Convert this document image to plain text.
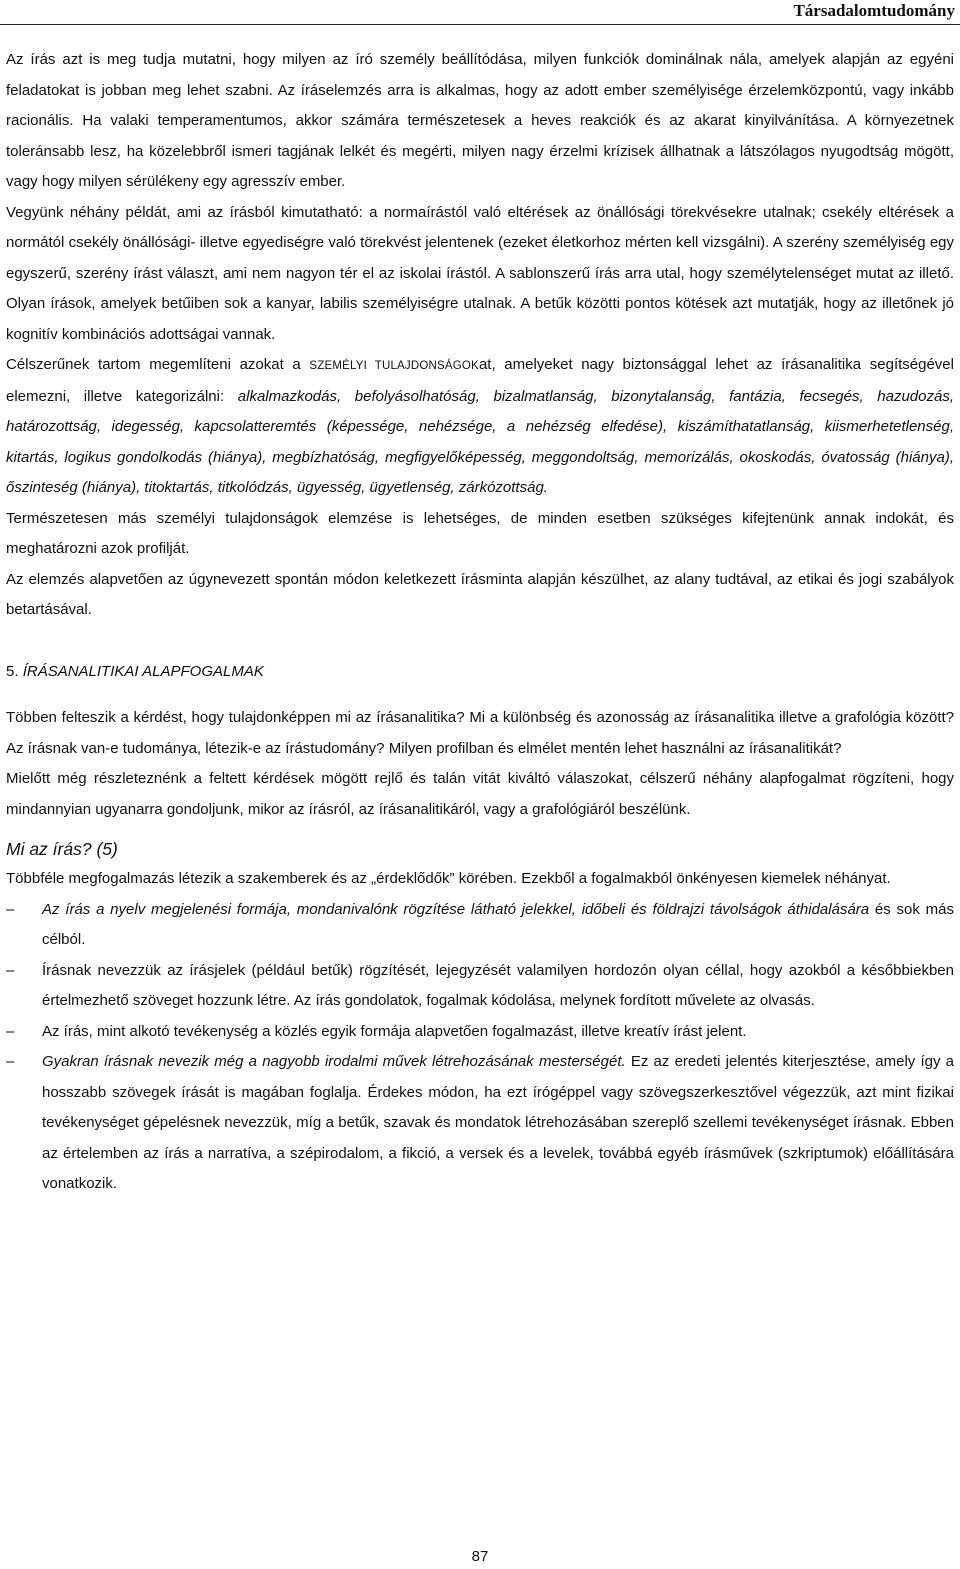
Társadalomtudomány

Az írás azt is meg tudja mutatni, hogy milyen az író személy beállítódása, milyen funkciók dominálnak nála, amelyek alapján az egyéni feladatokat is jobban meg lehet szabni. Az íráselemzés arra is alkalmas, hogy az adott ember személyisége érzelemközpontú, vagy inkább racionális. Ha valaki temperamentumos, akkor számára természetesek a heves reakciók és az akarat kinyilvánítása. A környezetnek toleránsabb lesz, ha közelebbről ismeri tagjának lelkét és megérti, milyen nagy érzelmi krízisek állhatnak a látszólagos nyugodtság mögött, vagy hogy milyen sérülékeny egy agresszív ember.

Vegyünk néhány példát, ami az írásból kimutatható: a normaírástól való eltérések az önállósági törekvésekre utalnak; csekély eltérések a normától csekély önállósági- illetve egyediségre való törekvést jelentenek (ezeket életkorhoz mérten kell vizsgálni). A szerény személyiség egy egyszerű, szerény írást választ, ami nem nagyon tér el az iskolai írástól. A sablonszerű írás arra utal, hogy személytelenséget mutat az illető. Olyan írások, amelyek betűiben sok a kanyar, labilis személyiségre utalnak. A betűk közötti pontos kötések azt mutatják, hogy az illetőnek jó kognitív kombinációs adottságai vannak.

Célszerűnek tartom megemlíteni azokat a SZEMÉLYI TULAJDONSÁGOKat, amelyeket nagy biztonsággal lehet az írásanalitika segítségével elemezni, illetve kategorizálni: alkalmazkodás, befolyásolhatóság, bizalmatlanság, bizonytalanság, fantázia, fecsegés, hazudozás, határozottság, idegesség, kapcsolatteremtés (képessége, nehézsége, a nehézség elfedése), kiszámíthatatlanság, kiismerhetetlenség, kitartás, logikus gondolkodás (hiánya), megbízhatóság, megfigyelőképesség, meggondoltság, memorizálás, okoskodás, óvatosság (hiánya), őszinteség (hiánya), titoktartás, titkolódzás, ügyesség, ügyetlenség, zárkózottság.

Természetesen más személyi tulajdonságok elemzése is lehetséges, de minden esetben szükséges kifejtenünk annak indokát, és meghatározni azok profilját.

Az elemzés alapvetően az úgynevezett spontán módon keletkezett írásminta alapján készülhet, az alany tudtával, az etikai és jogi szabályok betartásával.

5. ÍRÁSANALITIKAI ALAPFOGALMAK

Többen felteszik a kérdést, hogy tulajdonképpen mi az írásanalitika? Mi a különbség és azonosság az írásanalitika illetve a grafológia között? Az írásnak van-e tudománya, létezik-e az írástudomány? Milyen profilban és elmélet mentén lehet használni az írásanalitikát?

Mielőtt még részleteznénk a feltett kérdések mögött rejlő és talán vitát kiváltó válaszokat, célszerű néhány alapfogalmat rögzíteni, hogy mindannyian ugyanarra gondoljunk, mikor az írásról, az írásanalitikáról, vagy a grafológiáról beszélünk.

Mi az írás? (5)

Többféle megfogalmazás létezik a szakemberek és az „érdeklődők” körében. Ezekből a fogalmakból önkényesen kiemelek néhányat.

– Az írás a nyelv megjelenési formája, mondanivalónk rögzítése látható jelekkel, időbeli és földrajzi távolságok áthidalására és sok más célból.
– Írásnak nevezzük az írásjelek (például betűk) rögzítését, lejegyzését valamilyen hordozón olyan céllal, hogy azokból a későbbiekben értelmezhető szöveget hozzunk létre. Az írás gondolatok, fogalmak kódolása, melynek fordított művelete az olvasás.
– Az írás, mint alkotó tevékenység a közlés egyik formája alapvetően fogalmazást, illetve kreatív írást jelent.
– Gyakran írásnak nevezik még a nagyobb irodalmi művek létrehozásának mesterségét. Ez az eredeti jelentés kiterjesztése, amely így a hosszabb szövegek írását is magában foglalja. Érdekes módon, ha ezt írógéppel vagy szövegszerkesztővel végezzük, azt mint fizikai tevékenységet gépelésnek nevezzük, míg a betűk, szavak és mondatok létrehozásában szereplő szellemi tevékenységet írásnak. Ebben az értelemben az írás a narratíva, a szépirodalom, a fikció, a versek és a levelek, továbbá egyéb írásművek (szkriptumok) előállítására vonatkozik.
87
